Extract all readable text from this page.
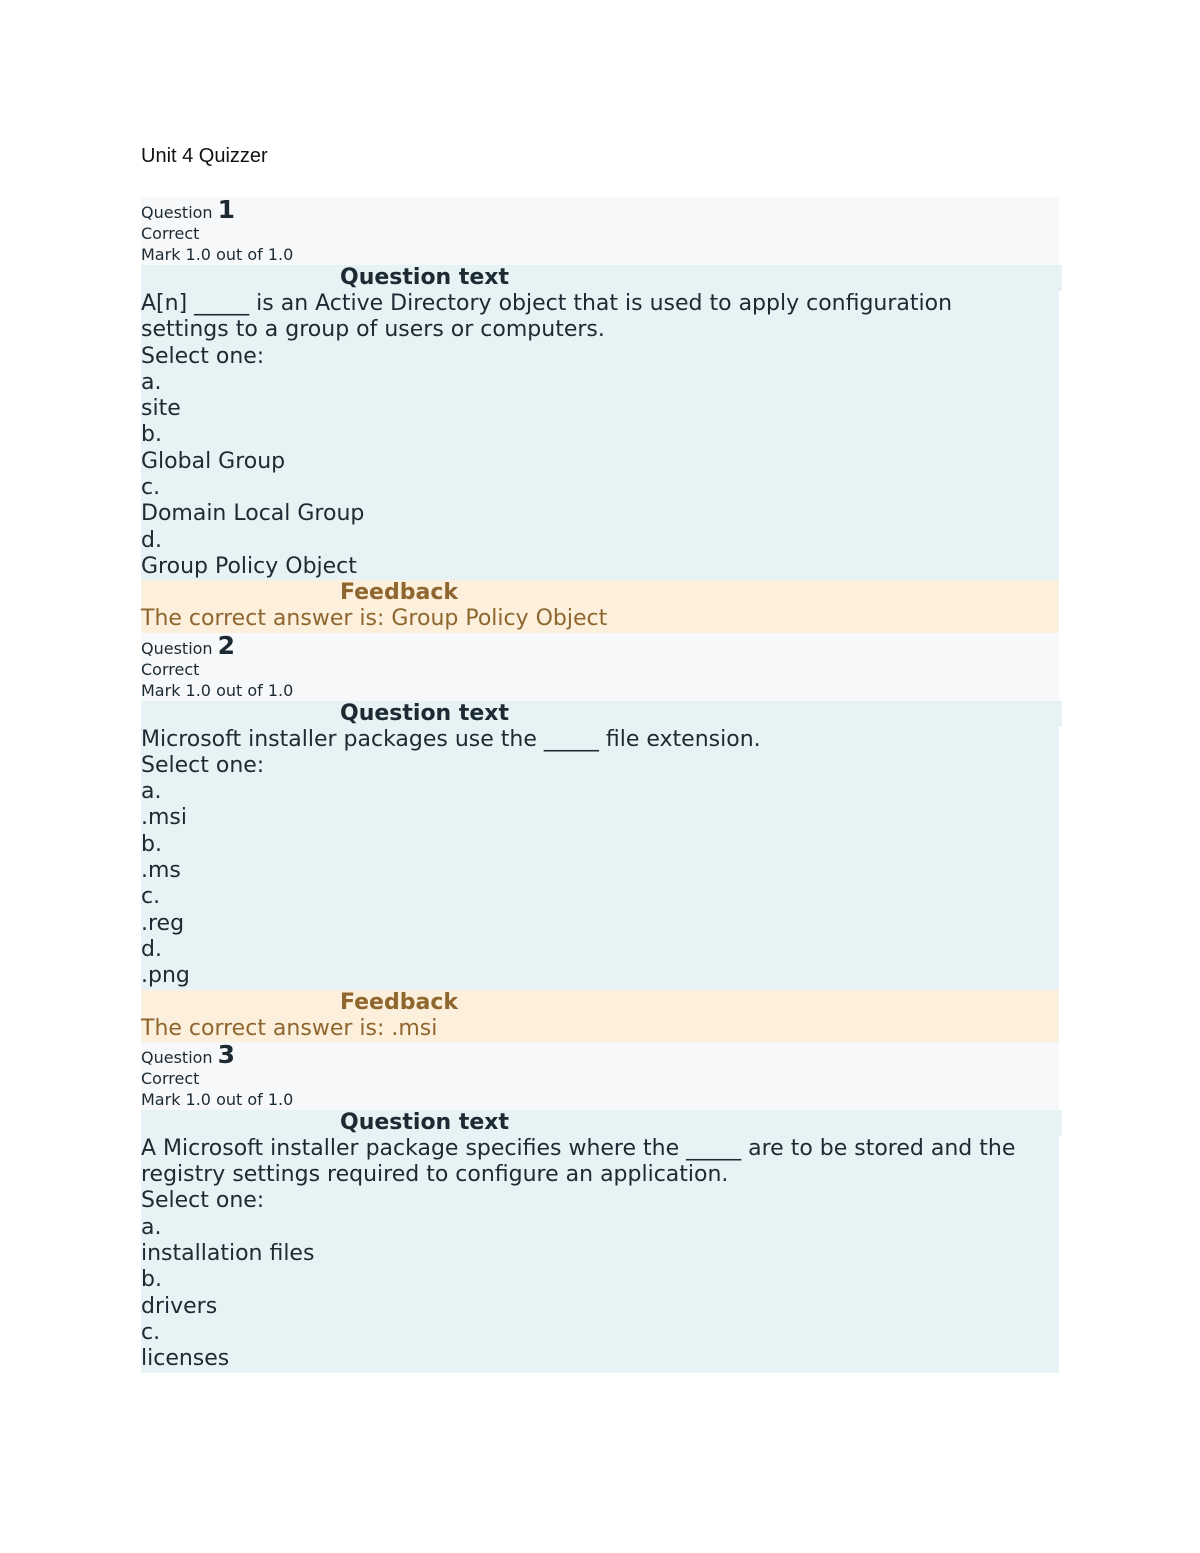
Unit 4 Quizzer
Question 1
Correct
Mark 1.0 out of 1.0
Question text
A[n] _____ is an Active Directory object that is used to apply configuration
settings to a group of users or computers.
Select one:
a.
site
b.
Global Group
c.
Domain Local Group
d.
Group Policy Object
Feedback
The correct answer is: Group Policy Object
Question 2
Correct
Mark 1.0 out of 1.0
Question text
Microsoft installer packages use the _____ file extension.
Select one:
a.
.msi
b.
.ms
c.
.reg
d.
.png
Feedback
The correct answer is: .msi
Question 3
Correct
Mark 1.0 out of 1.0
Question text
A Microsoft installer package specifies where the _____ are to be stored and the
registry settings required to configure an application.
Select one:
a.
installation files
b.
drivers
c.
licenses
